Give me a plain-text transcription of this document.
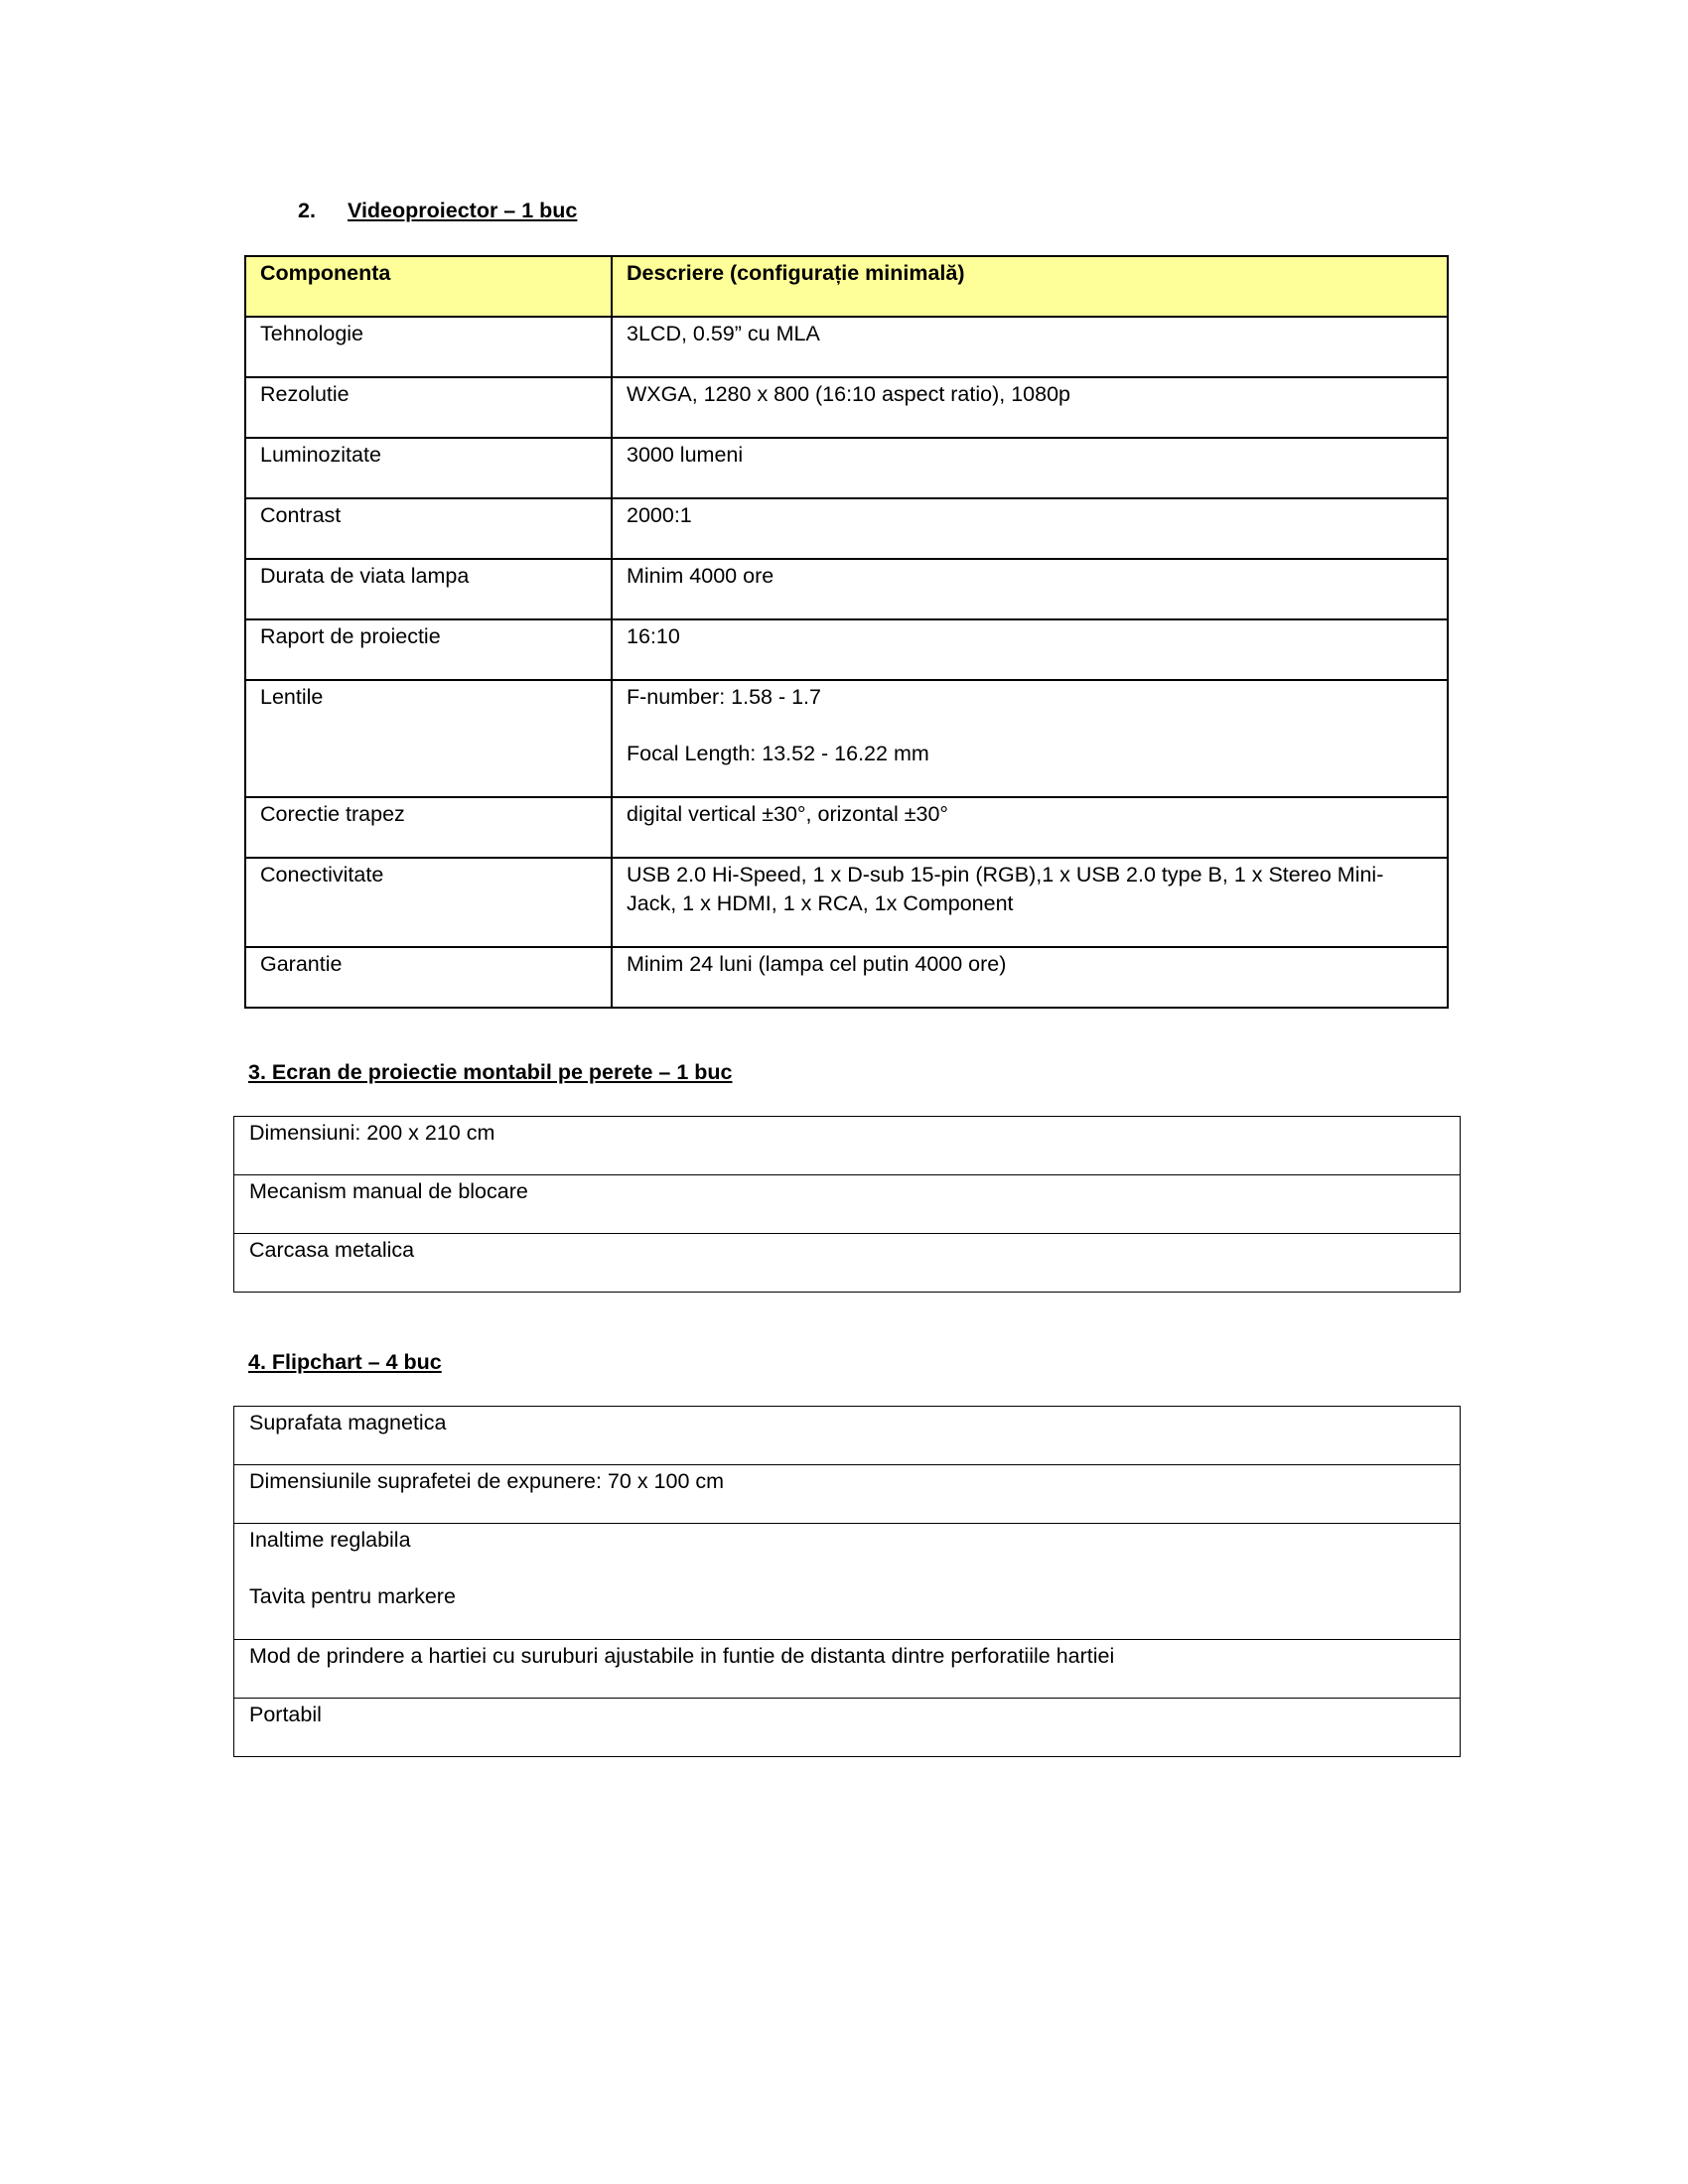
2. Videoproiector – 1 buc
Componenta	Descriere (configurație minimală)
Tehnologie	3LCD, 0.59” cu MLA
Rezolutie	WXGA, 1280 x 800 (16:10 aspect ratio), 1080p
Luminozitate	3000 lumeni
Contrast	2000:1
Durata de viata lampa	Minim 4000 ore
Raport de proiectie	16:10
Lentile	F-number: 1.58 - 1.7
Focal Length: 13.52 - 16.22 mm

Corectie trapez	digital vertical ±30°, orizontal ±30°
Conectivitate	USB 2.0 Hi-Speed, 1 x D-sub 15-pin (RGB),1 x USB 2.0 type B, 1 x Stereo Mini-Jack, 1 x HDMI, 1 x RCA, 1x Component
Garantie	Minim 24 luni (lampa cel putin 4000 ore)
3. Ecran de proiectie montabil pe perete – 1 buc
Dimensiuni: 200 x 210 cm
Mecanism manual de blocare
Carcasa metalica
4. Flipchart – 4 buc
Suprafata magnetica
Dimensiunile suprafetei de expunere: 70 x 100 cm

Inaltime reglabila
Tavita pentru markere

Mod de prindere a hartiei cu suruburi ajustabile in funtie de distanta dintre perforatiile hartiei
Portabil
